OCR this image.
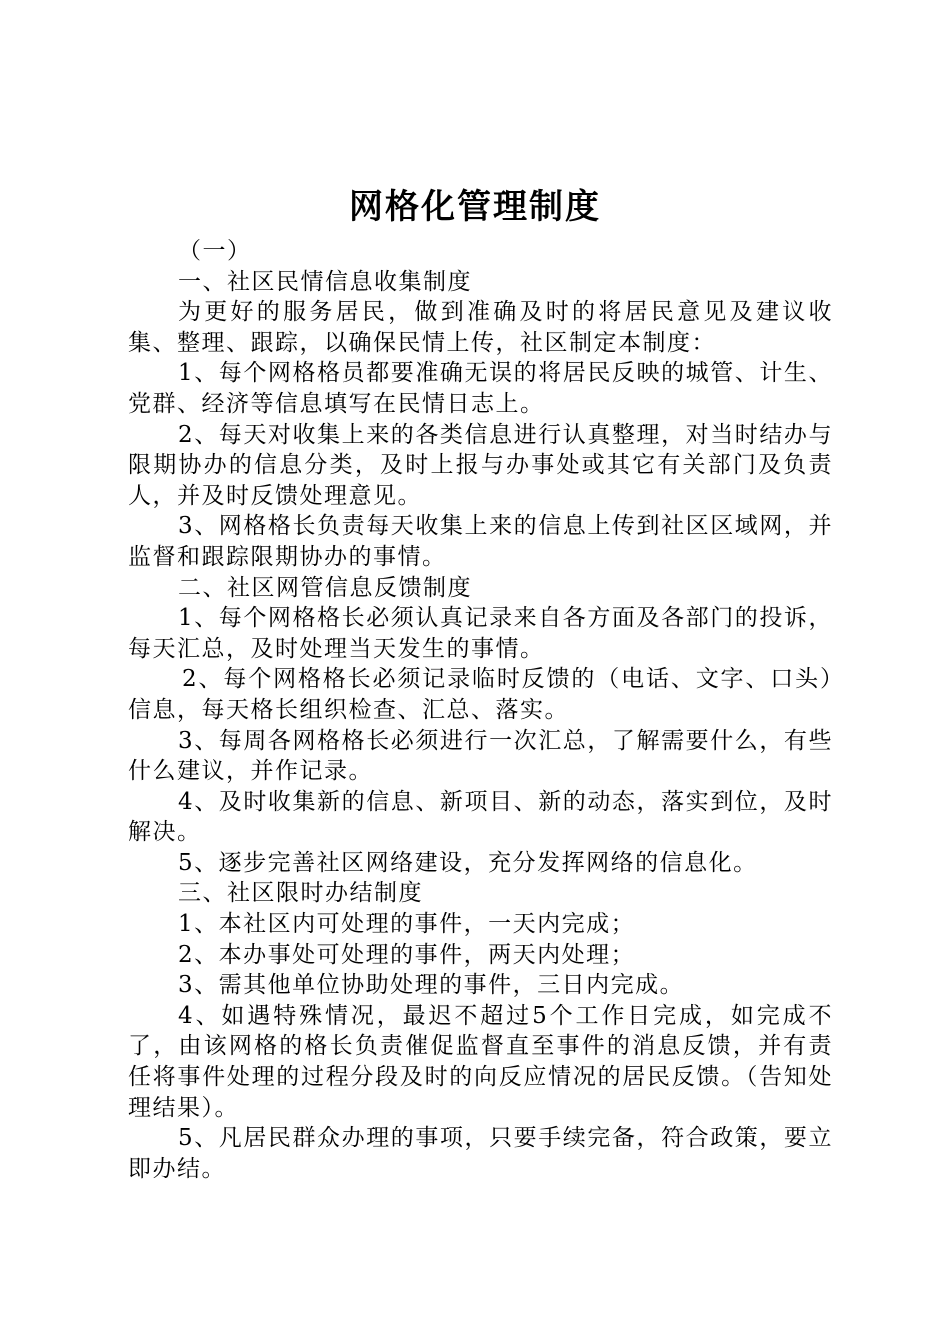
网格化管理制度

（一）

一、社区民情信息收集制度

为更好的服务居民，做到准确及时的将居民意见及建议收集、整理、跟踪，以确保民情上传，社区制定本制度：

1、每个网格格员都要准确无误的将居民反映的城管、计生、党群、经济等信息填写在民情日志上。

2、每天对收集上来的各类信息进行认真整理，对当时结办与限期协办的信息分类，及时上报与办事处或其它有关部门及负责人，并及时反馈处理意见。

3、网格格长负责每天收集上来的信息上传到社区区域网，并监督和跟踪限期协办的事情。

二、社区网管信息反馈制度

1、每个网格格长必须认真记录来自各方面及各部门的投诉，每天汇总，及时处理当天发生的事情。

2、每个网格格长必须记录临时反馈的（电话、文字、口头）信息，每天格长组织检查、汇总、落实。

3、每周各网格格长必须进行一次汇总，了解需要什么，有些什么建议，并作记录。

4、及时收集新的信息、新项目、新的动态，落实到位，及时解决。

5、逐步完善社区网络建设，充分发挥网络的信息化。

三、社区限时办结制度

1、本社区内可处理的事件，一天内完成；

2、本办事处可处理的事件，两天内处理；

3、需其他单位协助处理的事件，三日内完成。

4、如遇特殊情况，最迟不超过5个工作日完成，如完成不了，由该网格的格长负责催促监督直至事件的消息反馈，并有责任将事件处理的过程分段及时的向反应情况的居民反馈。（告知处理结果）。

5、凡居民群众办理的事项，只要手续完备，符合政策，要立即办结。
